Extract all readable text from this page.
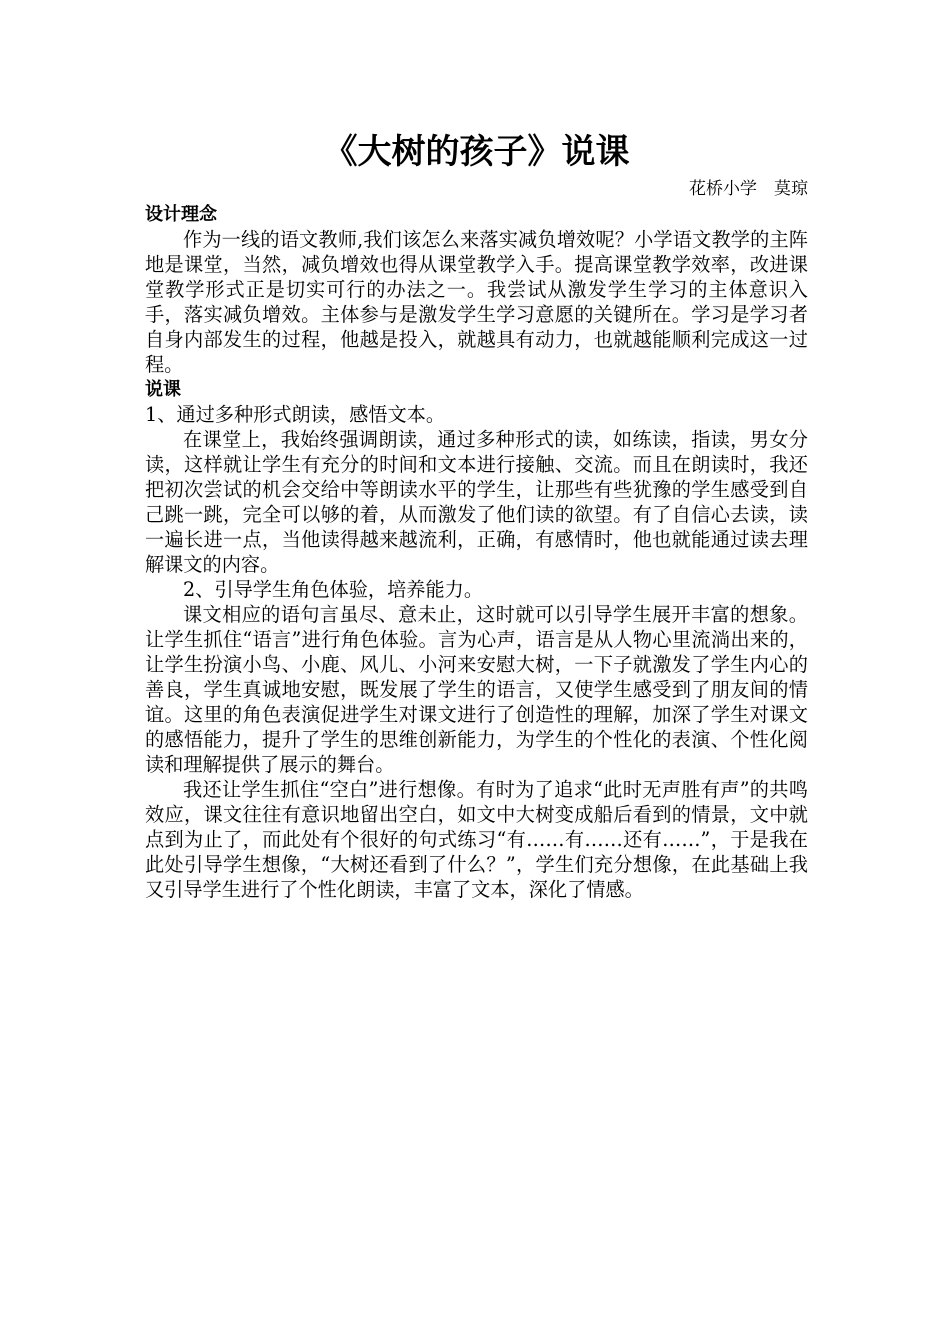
《大树的孩子》说课

花桥小学　莫琼

设计理念

作为一线的语文教师,我们该怎么来落实减负增效呢？小学语文教学的主阵地是课堂，当然，减负增效也得从课堂教学入手。提高课堂教学效率，改进课堂教学形式正是切实可行的办法之一。我尝试从激发学生学习的主体意识入手，落实减负增效。主体参与是激发学生学习意愿的关键所在。学习是学习者自身内部发生的过程，他越是投入，就越具有动力，也就越能顺利完成这一过程。

说课

1、通过多种形式朗读，感悟文本。

在课堂上，我始终强调朗读，通过多种形式的读，如练读，指读，男女分读，这样就让学生有充分的时间和文本进行接触、交流。而且在朗读时，我还把初次尝试的机会交给中等朗读水平的学生，让那些有些犹豫的学生感受到自己跳一跳，完全可以够的着，从而激发了他们读的欲望。有了自信心去读，读一遍长进一点，当他读得越来越流利，正确，有感情时，他也就能通过读去理解课文的内容。

2、引导学生角色体验，培养能力。

课文相应的语句言虽尽、意未止，这时就可以引导学生展开丰富的想象。让学生抓住“语言”进行角色体验。言为心声，语言是从人物心里流淌出来的，让学生扮演小鸟、小鹿、风儿、小河来安慰大树，一下子就激发了学生内心的善良，学生真诚地安慰，既发展了学生的语言，又使学生感受到了朋友间的情谊。这里的角色表演促进学生对课文进行了创造性的理解，加深了学生对课文的感悟能力，提升了学生的思维创新能力，为学生的个性化的表演、个性化阅读和理解提供了展示的舞台。

我还让学生抓住“空白”进行想像。有时为了追求“此时无声胜有声”的共鸣效应，课文往往有意识地留出空白，如文中大树变成船后看到的情景，文中就点到为止了，而此处有个很好的句式练习“有……有……还有……”，于是我在此处引导学生想像，“大树还看到了什么？”，学生们充分想像，在此基础上我又引导学生进行了个性化朗读，丰富了文本，深化了情感。
